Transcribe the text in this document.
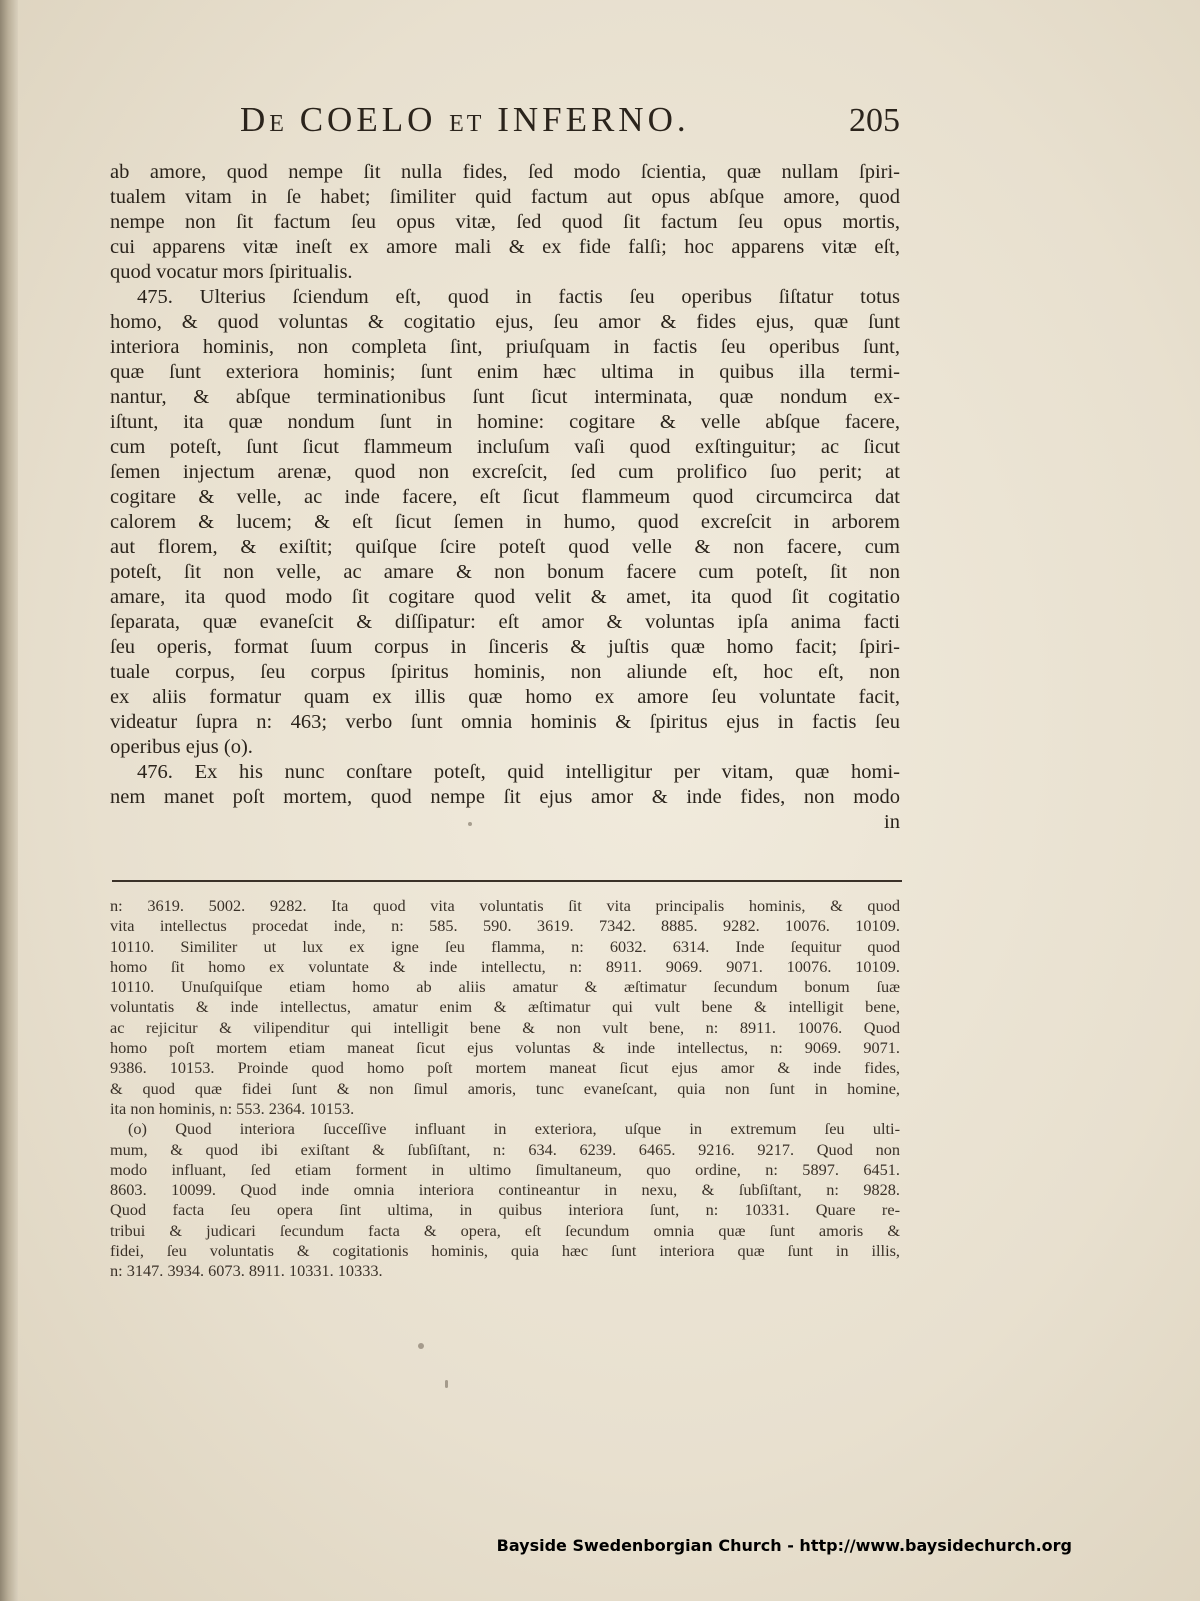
DE COELO ET INFERNO.	205
ab amore, quod nempe ſit nulla fides, ſed modo ſcientia, quæ nullam ſpiri-
tualem vitam in ſe habet; ſimiliter quid factum aut opus abſque amore, quod
nempe non ſit factum ſeu opus vitæ, ſed quod ſit factum ſeu opus mortis,
cui apparens vitæ ineſt ex amore mali & ex fide falſi; hoc apparens vitæ eſt,
quod vocatur mors ſpiritualis.
475. Ulterius ſciendum eſt, quod in factis ſeu operibus ſiſtatur totus
homo, & quod voluntas & cogitatio ejus, ſeu amor & fides ejus, quæ ſunt
interiora hominis, non completa ſint, priuſquam in factis ſeu operibus ſunt,
quæ ſunt exteriora hominis; ſunt enim hæc ultima in quibus illa termi-
nantur, & abſque terminationibus ſunt ſicut interminata, quæ nondum ex-
iſtunt, ita quæ nondum ſunt in homine: cogitare & velle abſque facere,
cum poteſt, ſunt ſicut flammeum incluſum vaſi quod exſtinguitur; ac ſicut
ſemen injectum arenæ, quod non excreſcit, ſed cum prolifico ſuo perit; at
cogitare & velle, ac inde facere, eſt ſicut flammeum quod circumcirca dat
calorem & lucem; & eſt ſicut ſemen in humo, quod excreſcit in arborem
aut florem, & exiſtit; quiſque ſcire poteſt quod velle & non facere, cum
poteſt, ſit non velle, ac amare & non bonum facere cum poteſt, ſit non
amare, ita quod modo ſit cogitare quod velit & amet, ita quod ſit cogitatio
ſeparata, quæ evaneſcit & diſſipatur: eſt amor & voluntas ipſa anima facti
ſeu operis, format ſuum corpus in ſinceris & juſtis quæ homo facit; ſpiri-
tuale corpus, ſeu corpus ſpiritus hominis, non aliunde eſt, hoc eſt, non
ex aliis formatur quam ex illis quæ homo ex amore ſeu voluntate facit,
videatur ſupra n: 463; verbo ſunt omnia hominis & ſpiritus ejus in factis ſeu
operibus ejus (o).
476. Ex his nunc conſtare poteſt, quid intelligitur per vitam, quæ homi-
nem manet poſt mortem, quod nempe ſit ejus amor & inde fides, non modo
in
n: 3619. 5002. 9282. Ita quod vita voluntatis ſit vita principalis hominis, & quod
vita intellectus procedat inde, n: 585. 590. 3619. 7342. 8885. 9282. 10076. 10109.
10110. Similiter ut lux ex igne ſeu flamma, n: 6032. 6314. Inde ſequitur quod
homo ſit homo ex voluntate & inde intellectu, n: 8911. 9069. 9071. 10076. 10109.
10110. Unuſquiſque etiam homo ab aliis amatur & æſtimatur ſecundum bonum ſuæ
voluntatis & inde intellectus, amatur enim & æſtimatur qui vult bene & intelligit bene,
ac rejicitur & vilipenditur qui intelligit bene & non vult bene, n: 8911. 10076. Quod
homo poſt mortem etiam maneat ſicut ejus voluntas & inde intellectus, n: 9069. 9071.
9386. 10153. Proinde quod homo poſt mortem maneat ſicut ejus amor & inde fides,
& quod quæ fidei ſunt & non ſimul amoris, tunc evaneſcant, quia non ſunt in homine,
ita non hominis, n: 553. 2364. 10153.
(o) Quod interiora ſucceſſive influant in exteriora, uſque in extremum ſeu ulti-
mum, & quod ibi exiſtant & ſubſiſtant, n: 634. 6239. 6465. 9216. 9217. Quod non
modo influant, ſed etiam forment in ultimo ſimultaneum, quo ordine, n: 5897. 6451.
8603. 10099. Quod inde omnia interiora contineantur in nexu, & ſubſiſtant, n: 9828.
Quod facta ſeu opera ſint ultima, in quibus interiora ſunt, n: 10331. Quare re-
tribui & judicari ſecundum facta & opera, eſt ſecundum omnia quæ ſunt amoris &
fidei, ſeu voluntatis & cogitationis hominis, quia hæc ſunt interiora quæ ſunt in illis,
n: 3147. 3934. 6073. 8911. 10331. 10333.
Bayside Swedenborgian Church - http://www.baysidechurch.org
